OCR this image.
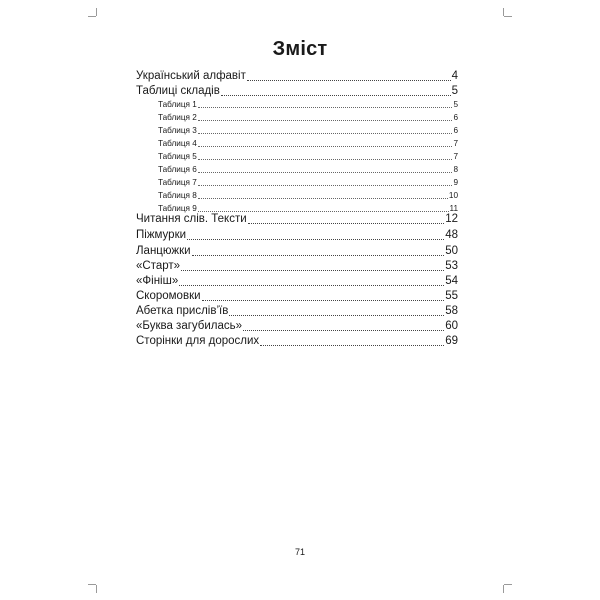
Зміст
Український алфавіт	4
Таблиці складів	5
Таблиця 1	5
Таблиця 2	6
Таблиця 3	6
Таблиця 4	7
Таблиця 5	7
Таблиця 6	8
Таблиця 7	9
Таблиця 8	10
Таблиця 9	11
Читання слів. Тексти	12
Піжмурки	48
Ланцюжки	50
«Старт»	53
«Фініш»	54
Скоромовки	55
Абетка прислів’їв	58
«Буква загубилась»	60
Сторінки для дорослих	69
71
